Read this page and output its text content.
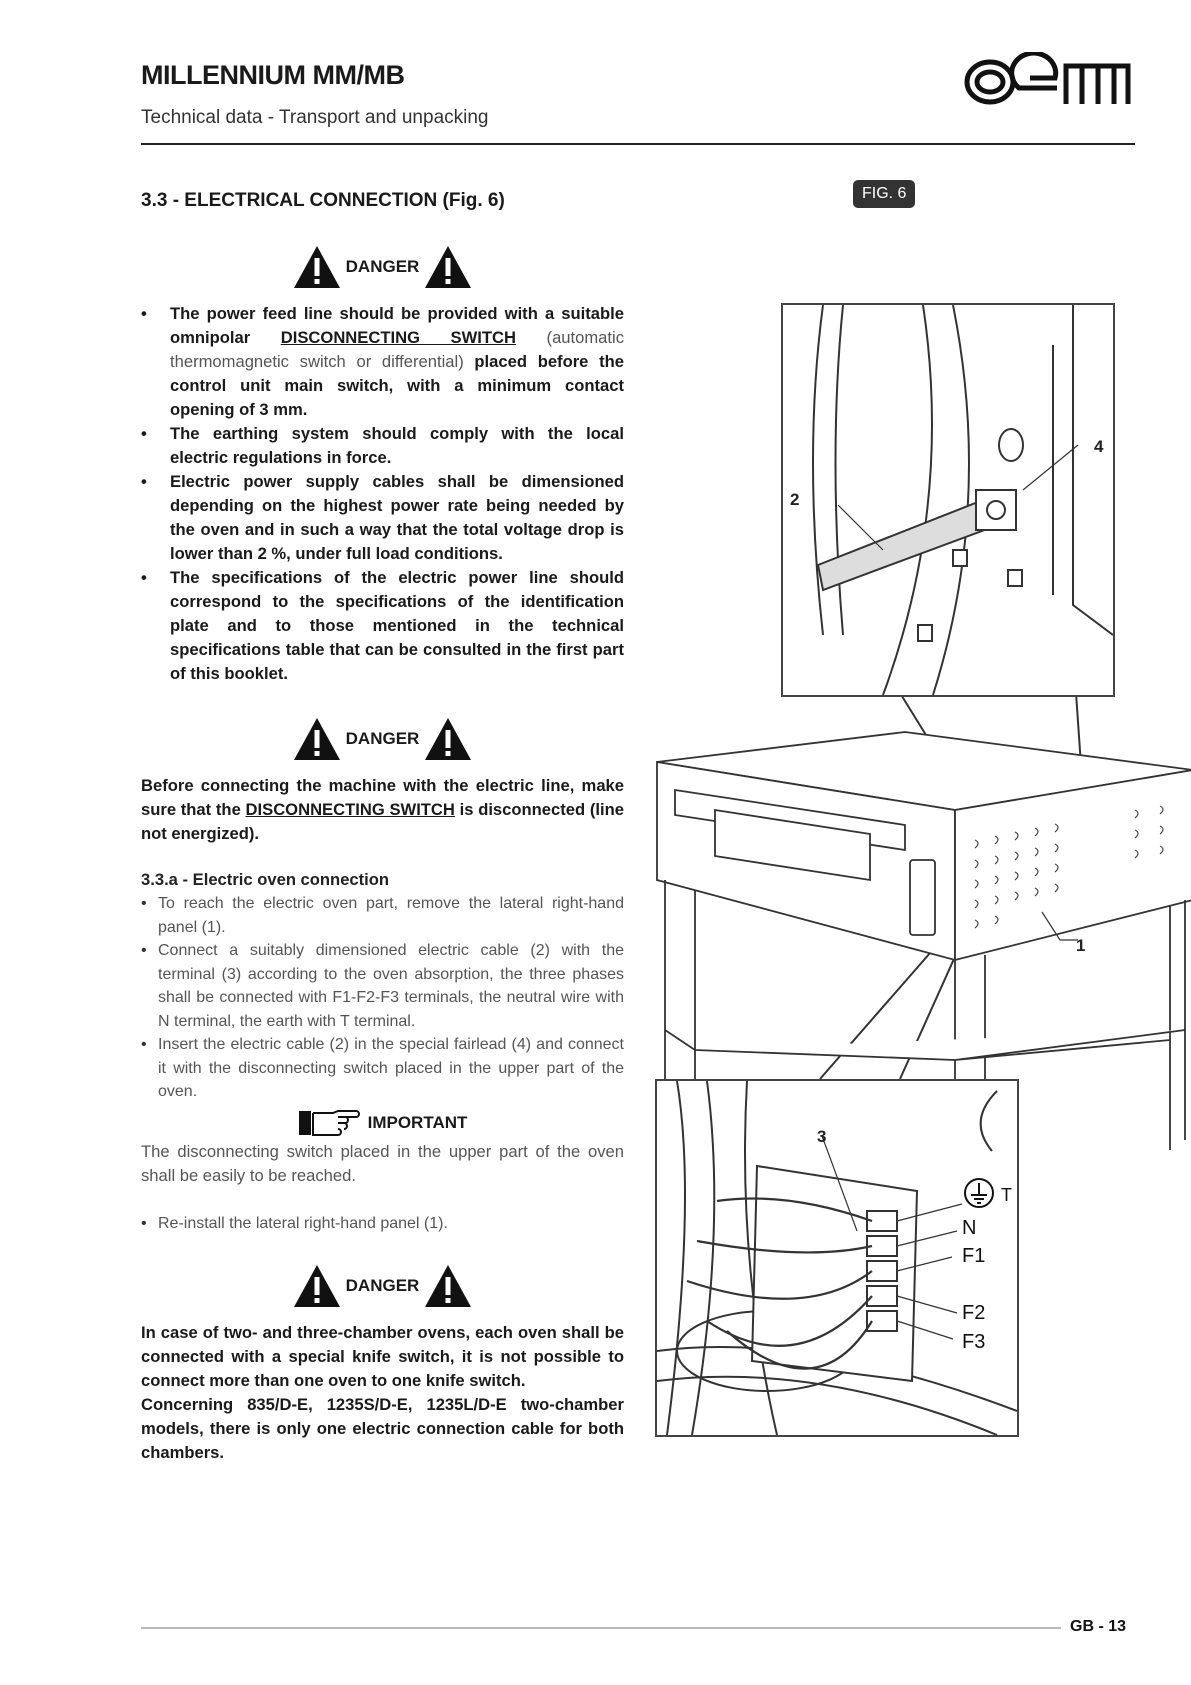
MILLENNIUM MM/MB
Technical data - Transport and unpacking
3.3 - ELECTRICAL CONNECTION (Fig. 6)
DANGER
• The power feed line should be provided with a suitable omnipolar DISCONNECTING SWITCH (automatic thermomagnetic switch or differential) placed before the control unit main switch, with a minimum contact opening of 3 mm.
• The earthing system should comply with the local electric regulations in force.
• Electric power supply cables shall be dimensioned depending on the highest power rate being needed by the oven and in such a way that the total voltage drop is lower than 2 %, under full load conditions.
• The specifications of the electric power line should correspond to the specifications of the identification plate and to those mentioned in the technical specifications table that can be consulted in the first part of this booklet.
DANGER

Before connecting the machine with the electric line, make sure that the DISCONNECTING SWITCH is disconnected (line not energized).

3.3.a - Electric oven connection
• To reach the electric oven part, remove the lateral right-hand panel (1).
• Connect a suitably dimensioned electric cable (2) with the terminal (3) according to the oven absorption, the three phases shall be connected with F1-F2-F3 terminals, the neutral wire with N terminal, the earth with T terminal.
• Insert the electric cable (2) in the special fairlead (4) and connect it with the disconnecting switch placed in the upper part of the oven.
IMPORTANT

The disconnecting switch placed in the upper part of the oven shall be easily to be reached.

• Re-install the lateral right-hand panel (1).
DANGER

In case of two- and three-chamber ovens, each oven shall be connected with a special knife switch, it is not possible to connect more than one oven to one knife switch.

Concerning 835/D-E, 1235S/D-E, 1235L/D-E two-chamber models, there is only one electric connection cable for both chambers.

FIG. 6
2
4
1
3
T
N
F1
F2
F3
GB - 13
